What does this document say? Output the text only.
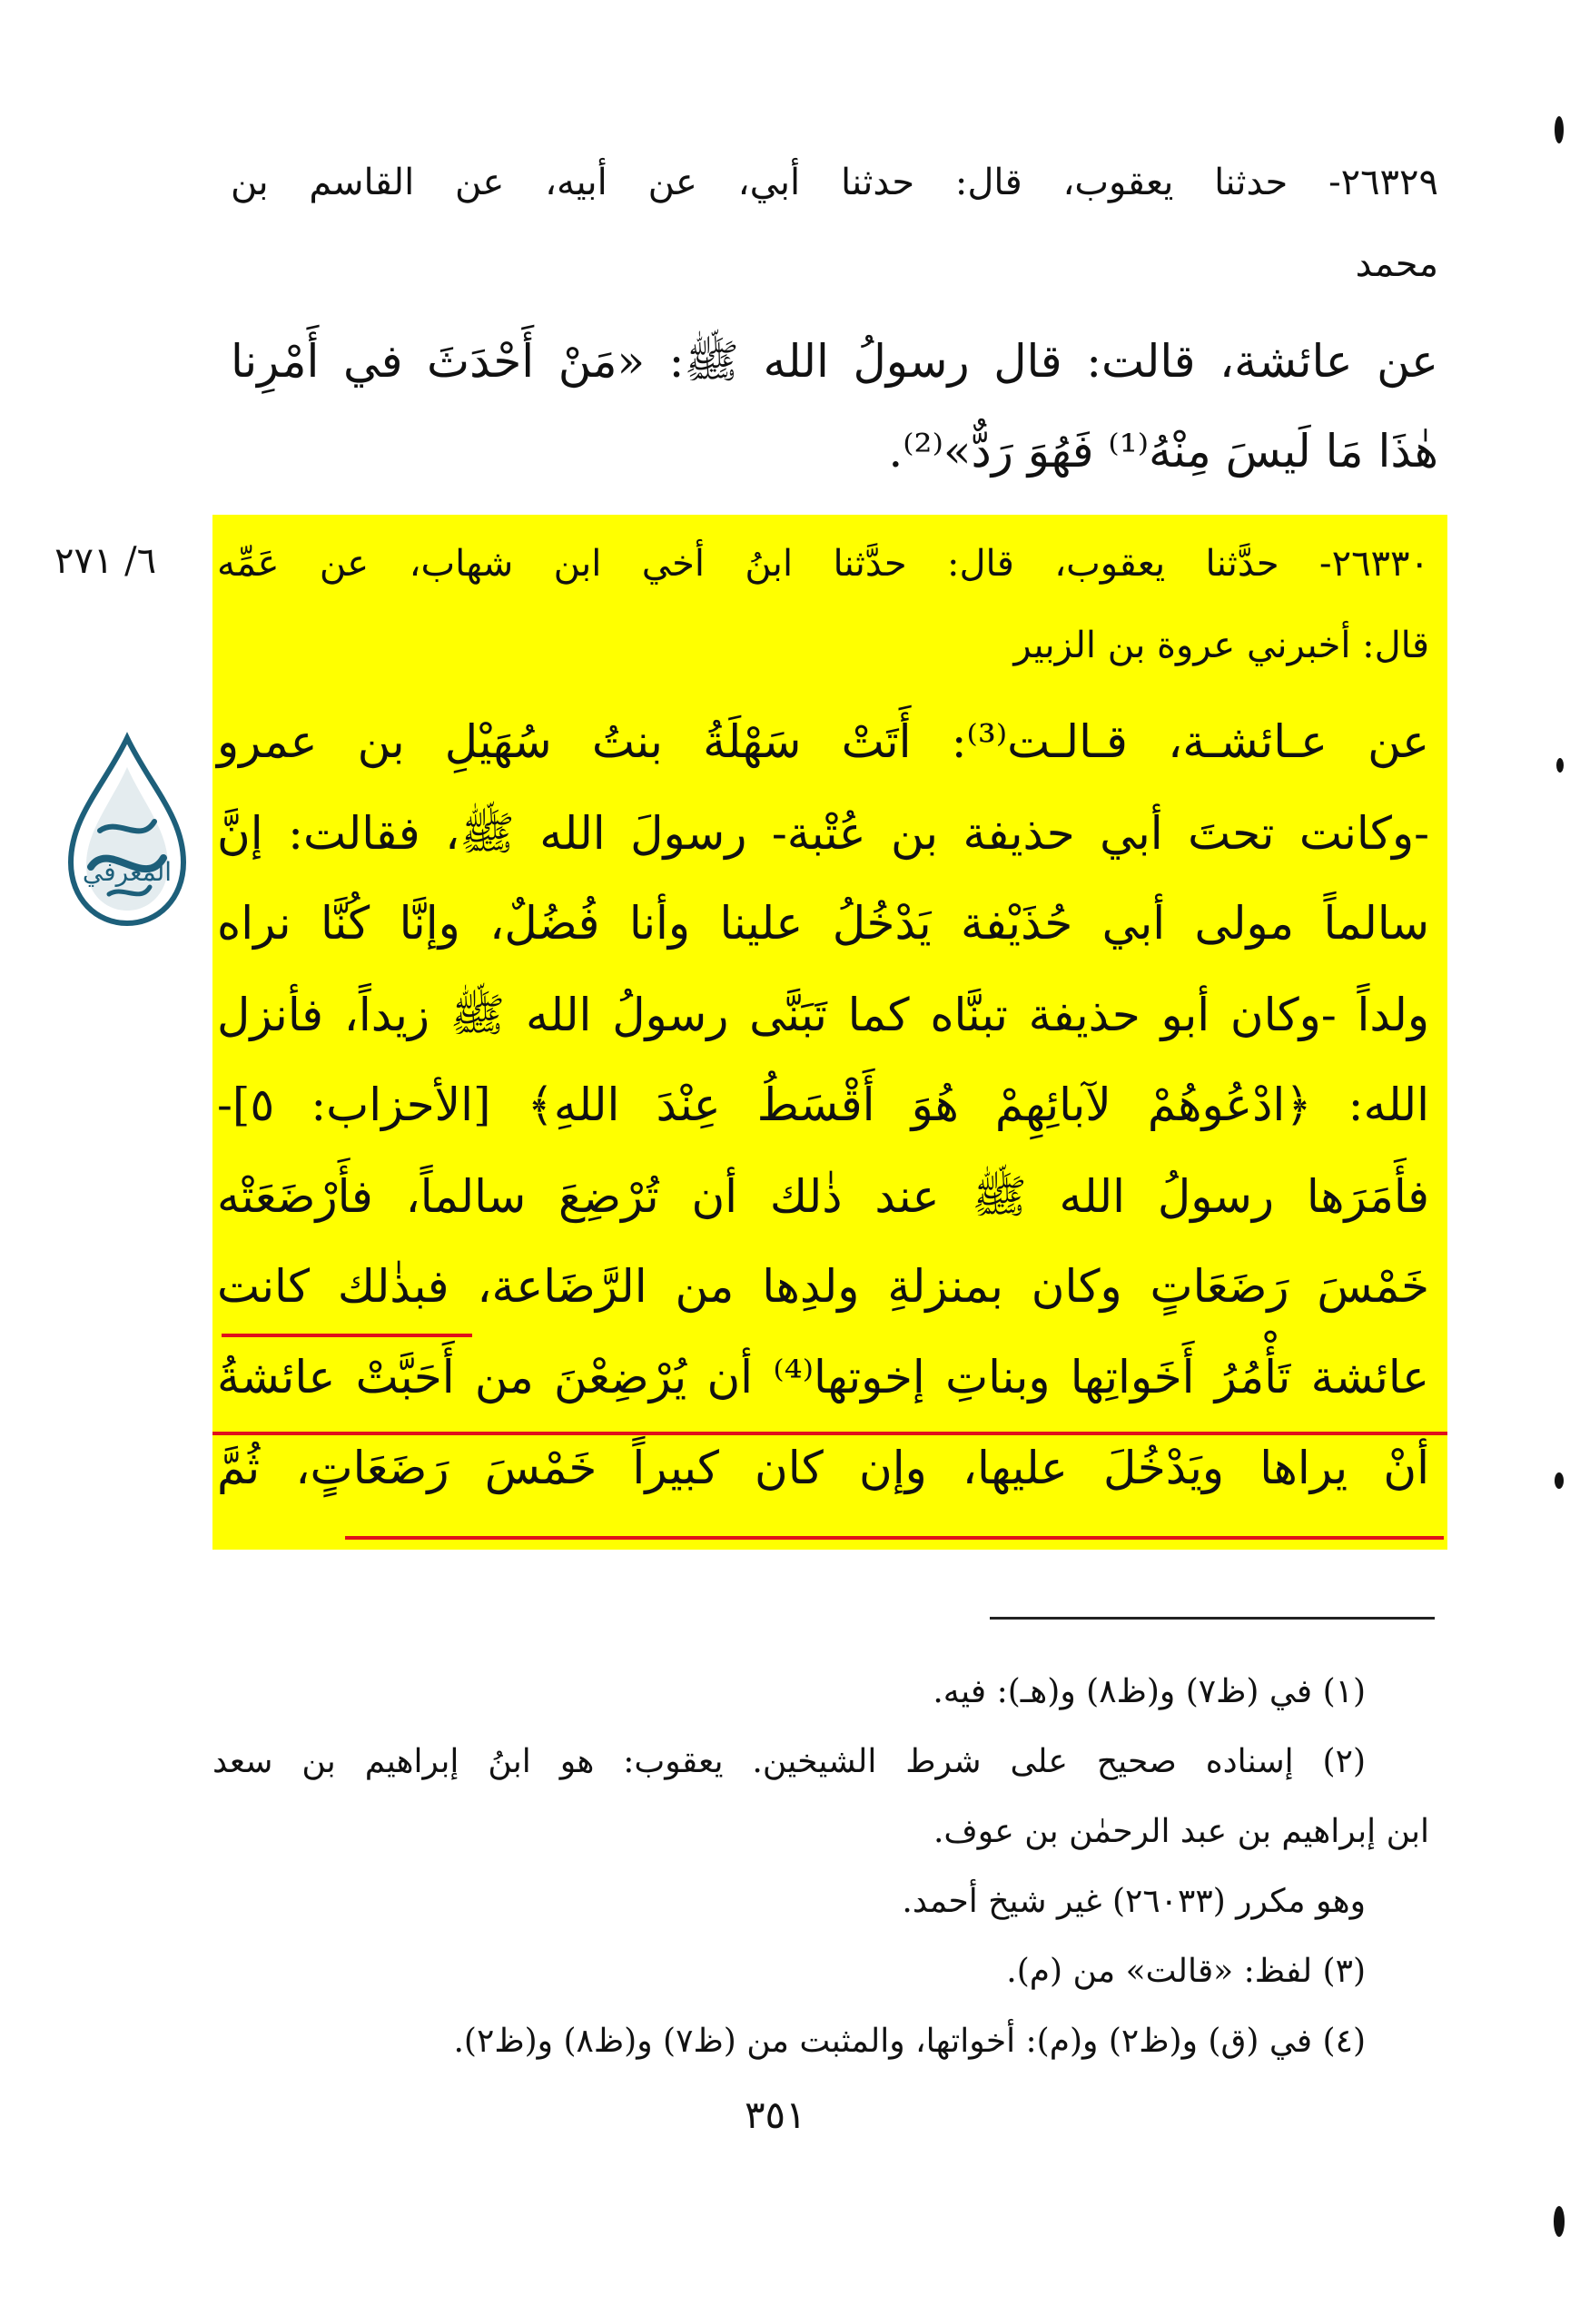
٢٦٣٢٩- حدثنا يعقوب، قال: حدثنا أبي، عن أبيه، عن القاسم بن
محمد
عن عائشة، قالت: قال رسولُ الله ﷺ: «مَنْ أَحْدَثَ في أَمْرِنا
هٰذَا مَا لَيسَ مِنْهُ⁽¹⁾ فَهُوَ رَدٌّ»⁽²⁾.
٦/ ٢٧١
المعرفي
٢٦٣٣٠- حدَّثنا يعقوب، قال: حدَّثنا ابنُ أخي ابن شهاب، عن عَمِّه
قال: أخبرني عروة بن الزبير
عن عـائشـة، قـالـت⁽³⁾: أَتَتْ سَهْلَةُ بنتُ سُهَيْلِ بن عمرو
-وكانت تحتَ أبي حذيفة بن عُتْبة- رسولَ الله ﷺ، فقالت: إنَّ
سالماً مولى أبي حُذَيْفة يَدْخُلُ علينا وأنا فُضُلٌ، وإنَّا كُنَّا نراه
ولداً -وكان أبو حذيفة تبنَّاه كما تَبَنَّى رسولُ الله ﷺ زيداً، فأنزل
الله: ﴿ادْعُوهُمْ لآبائِهِمْ هُوَ أَقْسَطُ عِنْدَ اللهِ﴾ [الأحزاب: ٥]-
فأَمَرَها رسولُ الله ﷺ عند ذٰلك أن تُرْضِعَ سالماً، فأَرْضَعَتْه
خَمْسَ رَضَعَاتٍ وكان بمنزلةِ ولدِها من الرَّضَاعة، فبذٰلك كانت
عائشة تَأْمُرُ أَخَواتِها وبناتِ إخوتها⁽⁴⁾ أن يُرْضِعْنَ من أَحَبَّتْ عائشةُ
أنْ يراها ويَدْخُلَ عليها، وإن كان كبيراً خَمْسَ رَضَعَاتٍ، ثُمَّ
(١) في (ظ٧) و(ظ٨) و(هـ): فيه.
(٢) إسناده صحيح على شرط الشيخين. يعقوب: هو ابنُ إبراهيم بن سعد
ابن إبراهيم بن عبد الرحمٰن بن عوف.
وهو مكرر (٢٦٠٣٣) غير شيخ أحمد.
(٣) لفظ: «قالت» من (م).
(٤) في (ق) و(ظ٢) و(م): أخواتها، والمثبت من (ظ٧) و(ظ٨) و(ظ٢).
٣٥١
